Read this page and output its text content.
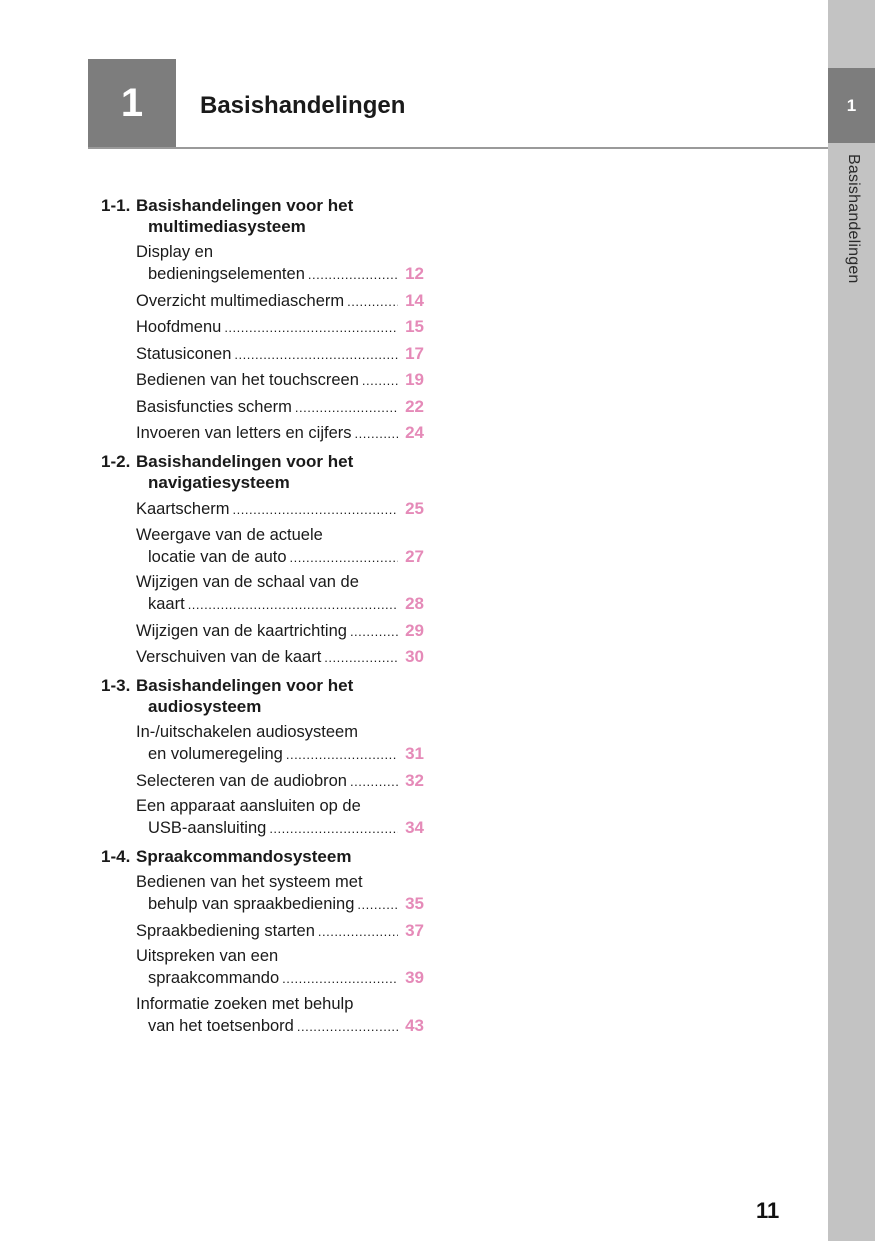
1
Basishandelingen
1	Basishandelingen
1-1. Basishandelingen voor het
multimediasysteem
Display en
bedieningselementen .....	12
Overzicht multimediascherm .....	14
Hoofdmenu .....	15
Statusiconen .....	17
Bedienen van het touchscreen .....	19
Basisfuncties scherm .....	22
Invoeren van letters en cijfers .....	24
1-2. Basishandelingen voor het
navigatiesysteem
Kaartscherm .....	25
Weergave van de actuele
locatie van de auto .....	27
Wijzigen van de schaal van de
kaart .....	28
Wijzigen van de kaartrichting .....	29
Verschuiven van de kaart .....	30
1-3. Basishandelingen voor het
audiosysteem
In-/uitschakelen audiosysteem
en volumeregeling .....	31
Selecteren van de audiobron .....	32
Een apparaat aansluiten op de
USB-aansluiting .....	34
1-4. Spraakcommandosysteem
Bedienen van het systeem met
behulp van spraakbediening .....	35
Spraakbediening starten .....	37
Uitspreken van een
spraakcommando .....	39
Informatie zoeken met behulp
van het toetsenbord .....	43
11
